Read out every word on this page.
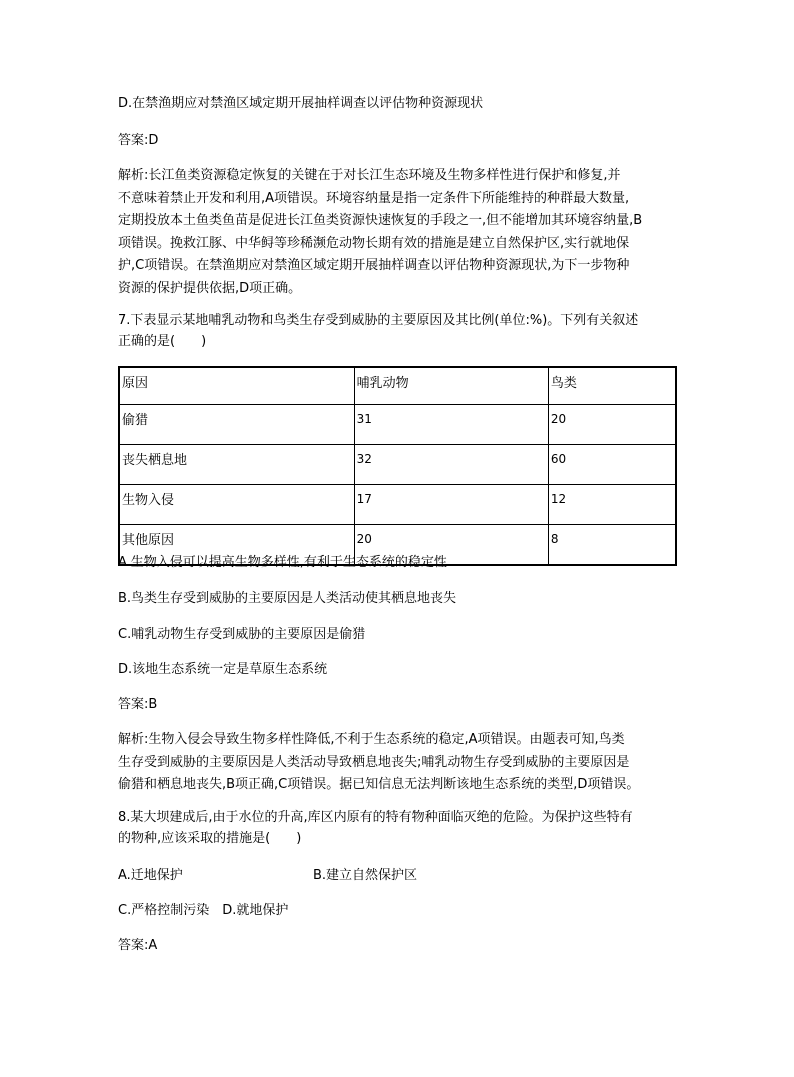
D.在禁渔期应对禁渔区域定期开展抽样调查以评估物种资源现状
答案:D
解析:长江鱼类资源稳定恢复的关键在于对长江生态环境及生物多样性进行保护和修复,并
不意味着禁止开发和利用,A项错误。环境容纳量是指一定条件下所能维持的种群最大数量,
定期投放本土鱼类鱼苗是促进长江鱼类资源快速恢复的手段之一,但不能增加其环境容纳量,B
项错误。挽救江豚、中华鲟等珍稀濒危动物长期有效的措施是建立自然保护区,实行就地保
护,C项错误。在禁渔期应对禁渔区域定期开展抽样调查以评估物种资源现状,为下一步物种
资源的保护提供依据,D项正确。
7.下表显示某地哺乳动物和鸟类生存受到威胁的主要原因及其比例(单位:%)。下列有关叙述
正确的是(　　)
原因	哺乳动物	鸟类
偷猎	31	20
丧失栖息地	32	60
生物入侵	17	12
其他原因	20	8
A.生物入侵可以提高生物多样性,有利于生态系统的稳定性
B.鸟类生存受到威胁的主要原因是人类活动使其栖息地丧失
C.哺乳动物生存受到威胁的主要原因是偷猎
D.该地生态系统一定是草原生态系统
答案:B
解析:生物入侵会导致生物多样性降低,不利于生态系统的稳定,A项错误。由题表可知,鸟类
生存受到威胁的主要原因是人类活动导致栖息地丧失;哺乳动物生存受到威胁的主要原因是
偷猎和栖息地丧失,B项正确,C项错误。据已知信息无法判断该地生态系统的类型,D项错误。
8.某大坝建成后,由于水位的升高,库区内原有的特有物种面临灭绝的危险。为保护这些特有
的物种,应该采取的措施是(　　)
A.迁地保护	B.建立自然保护区
C.严格控制污染　D.就地保护
答案:A
